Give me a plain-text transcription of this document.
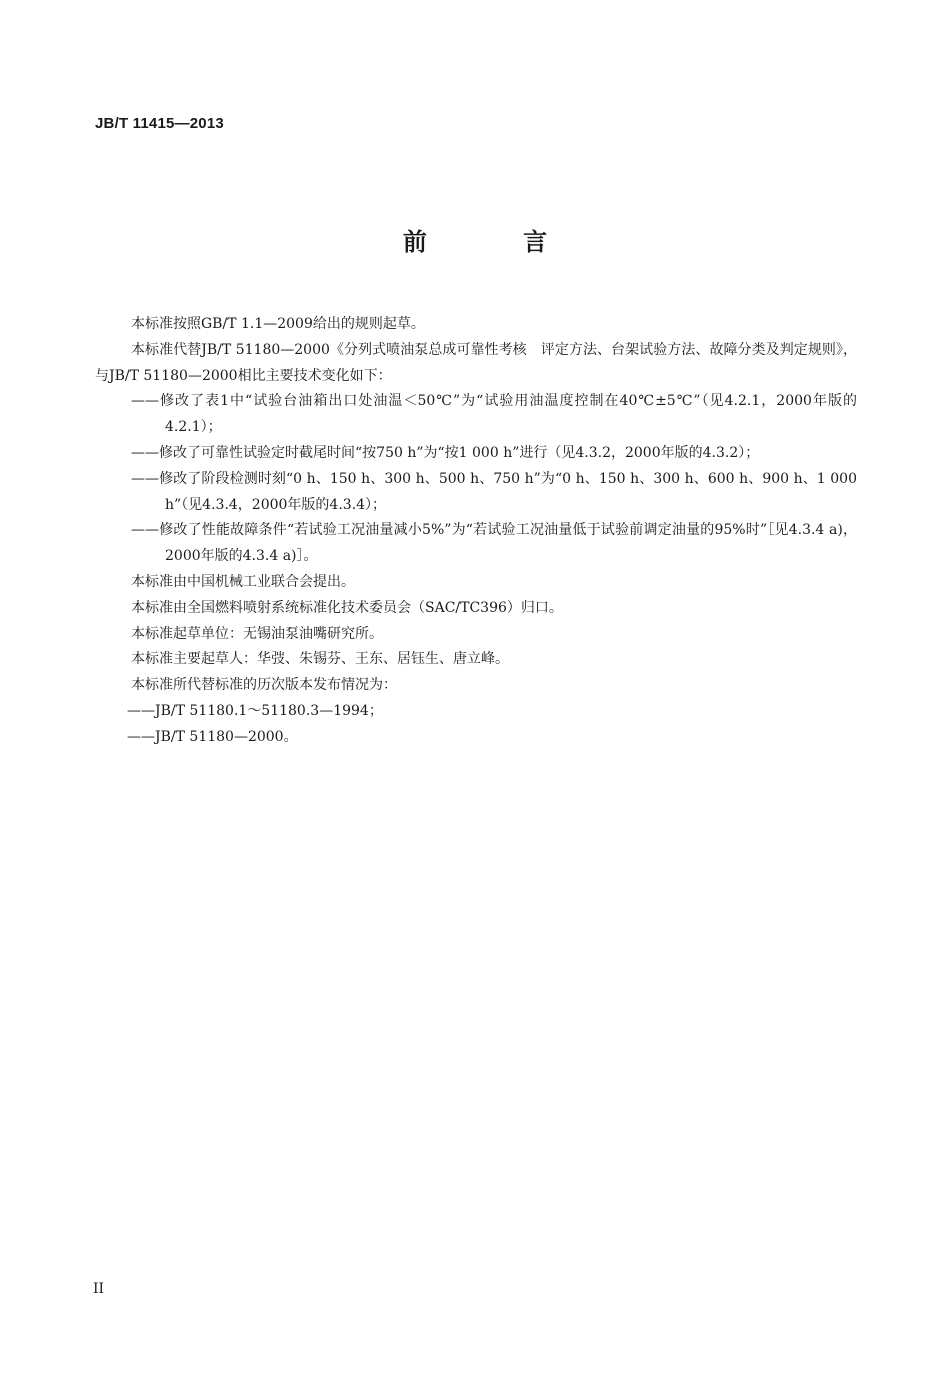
JB/T 11415—2013
前 言

本标准按照GB/T 1.1—2009给出的规则起草。

本标准代替JB/T 51180—2000《分列式喷油泵总成可靠性考核　评定方法、台架试验方法、故障分类及判定规则》，与JB/T 51180—2000相比主要技术变化如下：

——修改了表1中“试验台油箱出口处油温＜50℃”为“试验用油温度控制在40℃±5℃”（见4.2.1，2000年版的4.2.1）；

——修改了可靠性试验定时截尾时间“按750 h”为“按1 000 h”进行（见4.3.2，2000年版的4.3.2）；

——修改了阶段检测时刻“0 h、150 h、300 h、500 h、750 h”为“0 h、150 h、300 h、600 h、900 h、1 000 h”（见4.3.4，2000年版的4.3.4）；

——修改了性能故障条件“若试验工况油量减小5%”为“若试验工况油量低于试验前调定油量的95%时”［见4.3.4 a)，2000年版的4.3.4 a)］。

本标准由中国机械工业联合会提出。

本标准由全国燃料喷射系统标准化技术委员会（SAC/TC396）归口。

本标准起草单位：无锡油泵油嘴研究所。

本标准主要起草人：华弢、朱锡芬、王东、居钰生、唐立峰。

本标准所代替标准的历次版本发布情况为：

——JB/T 51180.1～51180.3—1994；

——JB/T 51180—2000。

II
